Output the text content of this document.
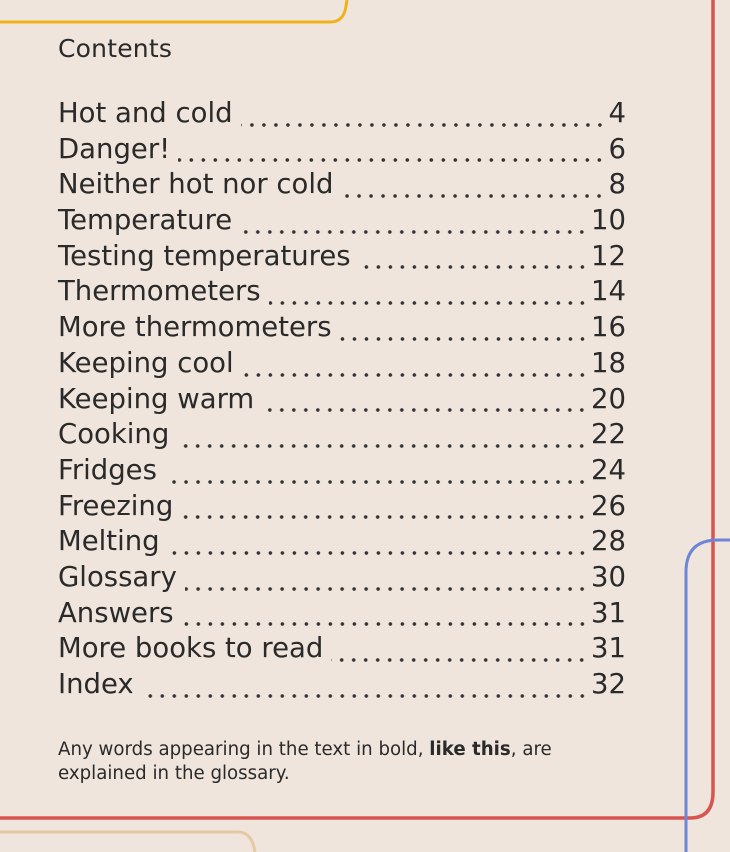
Contents
Hot and cold	4
Danger!	6
Neither hot nor cold	8
Temperature	10
Testing temperatures	12
Thermometers	14
More thermometers	16
Keeping cool	18
Keeping warm	20
Cooking	22
Fridges	24
Freezing	26
Melting	28
Glossary	30
Answers	31
More books to read	31
Index	32

Any words appearing in the text in bold, like this, are explained in the glossary.
